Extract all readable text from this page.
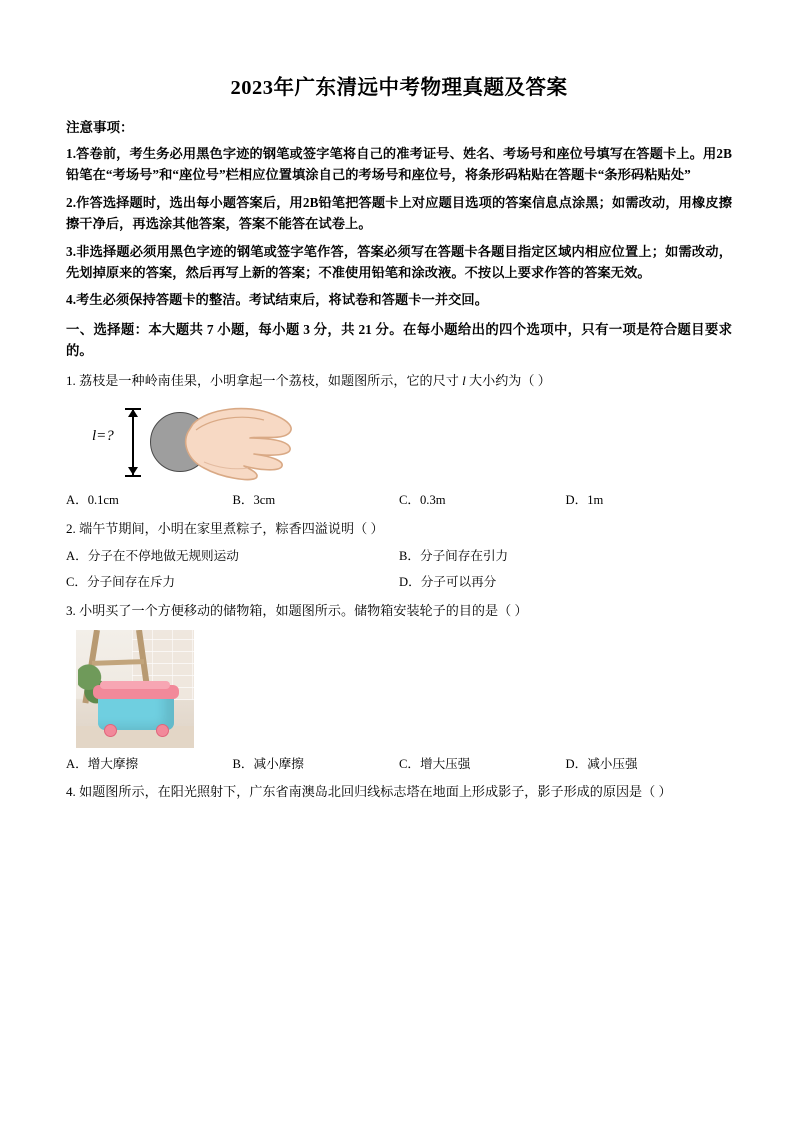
2023年广东清远中考物理真题及答案
注意事项：
1.答卷前，考生务必用黑色字迹的钢笔或签字笔将自己的准考证号、姓名、考场号和座位号填写在答题卡上。用2B铅笔在“考场号”和“座位号”栏相应位置填涂自己的考场号和座位号，将条形码粘贴在答题卡“条形码粘贴处”
2.作答选择题时，选出每小题答案后，用2B铅笔把答题卡上对应题目选项的答案信息点涂黑；如需改动，用橡皮擦擦干净后，再选涂其他答案，答案不能答在试卷上。
3.非选择题必须用黑色字迹的钢笔或签字笔作答，答案必须写在答题卡各题目指定区域内相应位置上；如需改动，先划掉原来的答案，然后再写上新的答案；不准使用铅笔和涂改液。不按以上要求作答的答案无效。
4.考生必须保持答题卡的整洁。考试结束后，将试卷和答题卡一并交回。
一、选择题：本大题共 7 小题，每小题 3 分，共 21 分。在每小题给出的四个选项中，只有一项是符合题目要求的。
1. 荔枝是一种岭南佳果，小明拿起一个荔枝，如题图所示，它的尺寸 l 大小约为（ ）
l=?
A．0.1cm	B．3cm	C．0.3m	D．1m
2. 端午节期间，小明在家里煮粽子，粽香四溢说明（ ）
A．分子在不停地做无规则运动	B．分子间存在引力
C．分子间存在斥力	D．分子可以再分
3. 小明买了一个方便移动的储物箱，如题图所示。储物箱安装轮子的目的是（ ）
A．增大摩擦	B．减小摩擦	C．增大压强	D．减小压强
4. 如题图所示，在阳光照射下，广东省南澳岛北回归线标志塔在地面上形成影子，影子形成的原因是（ ）
